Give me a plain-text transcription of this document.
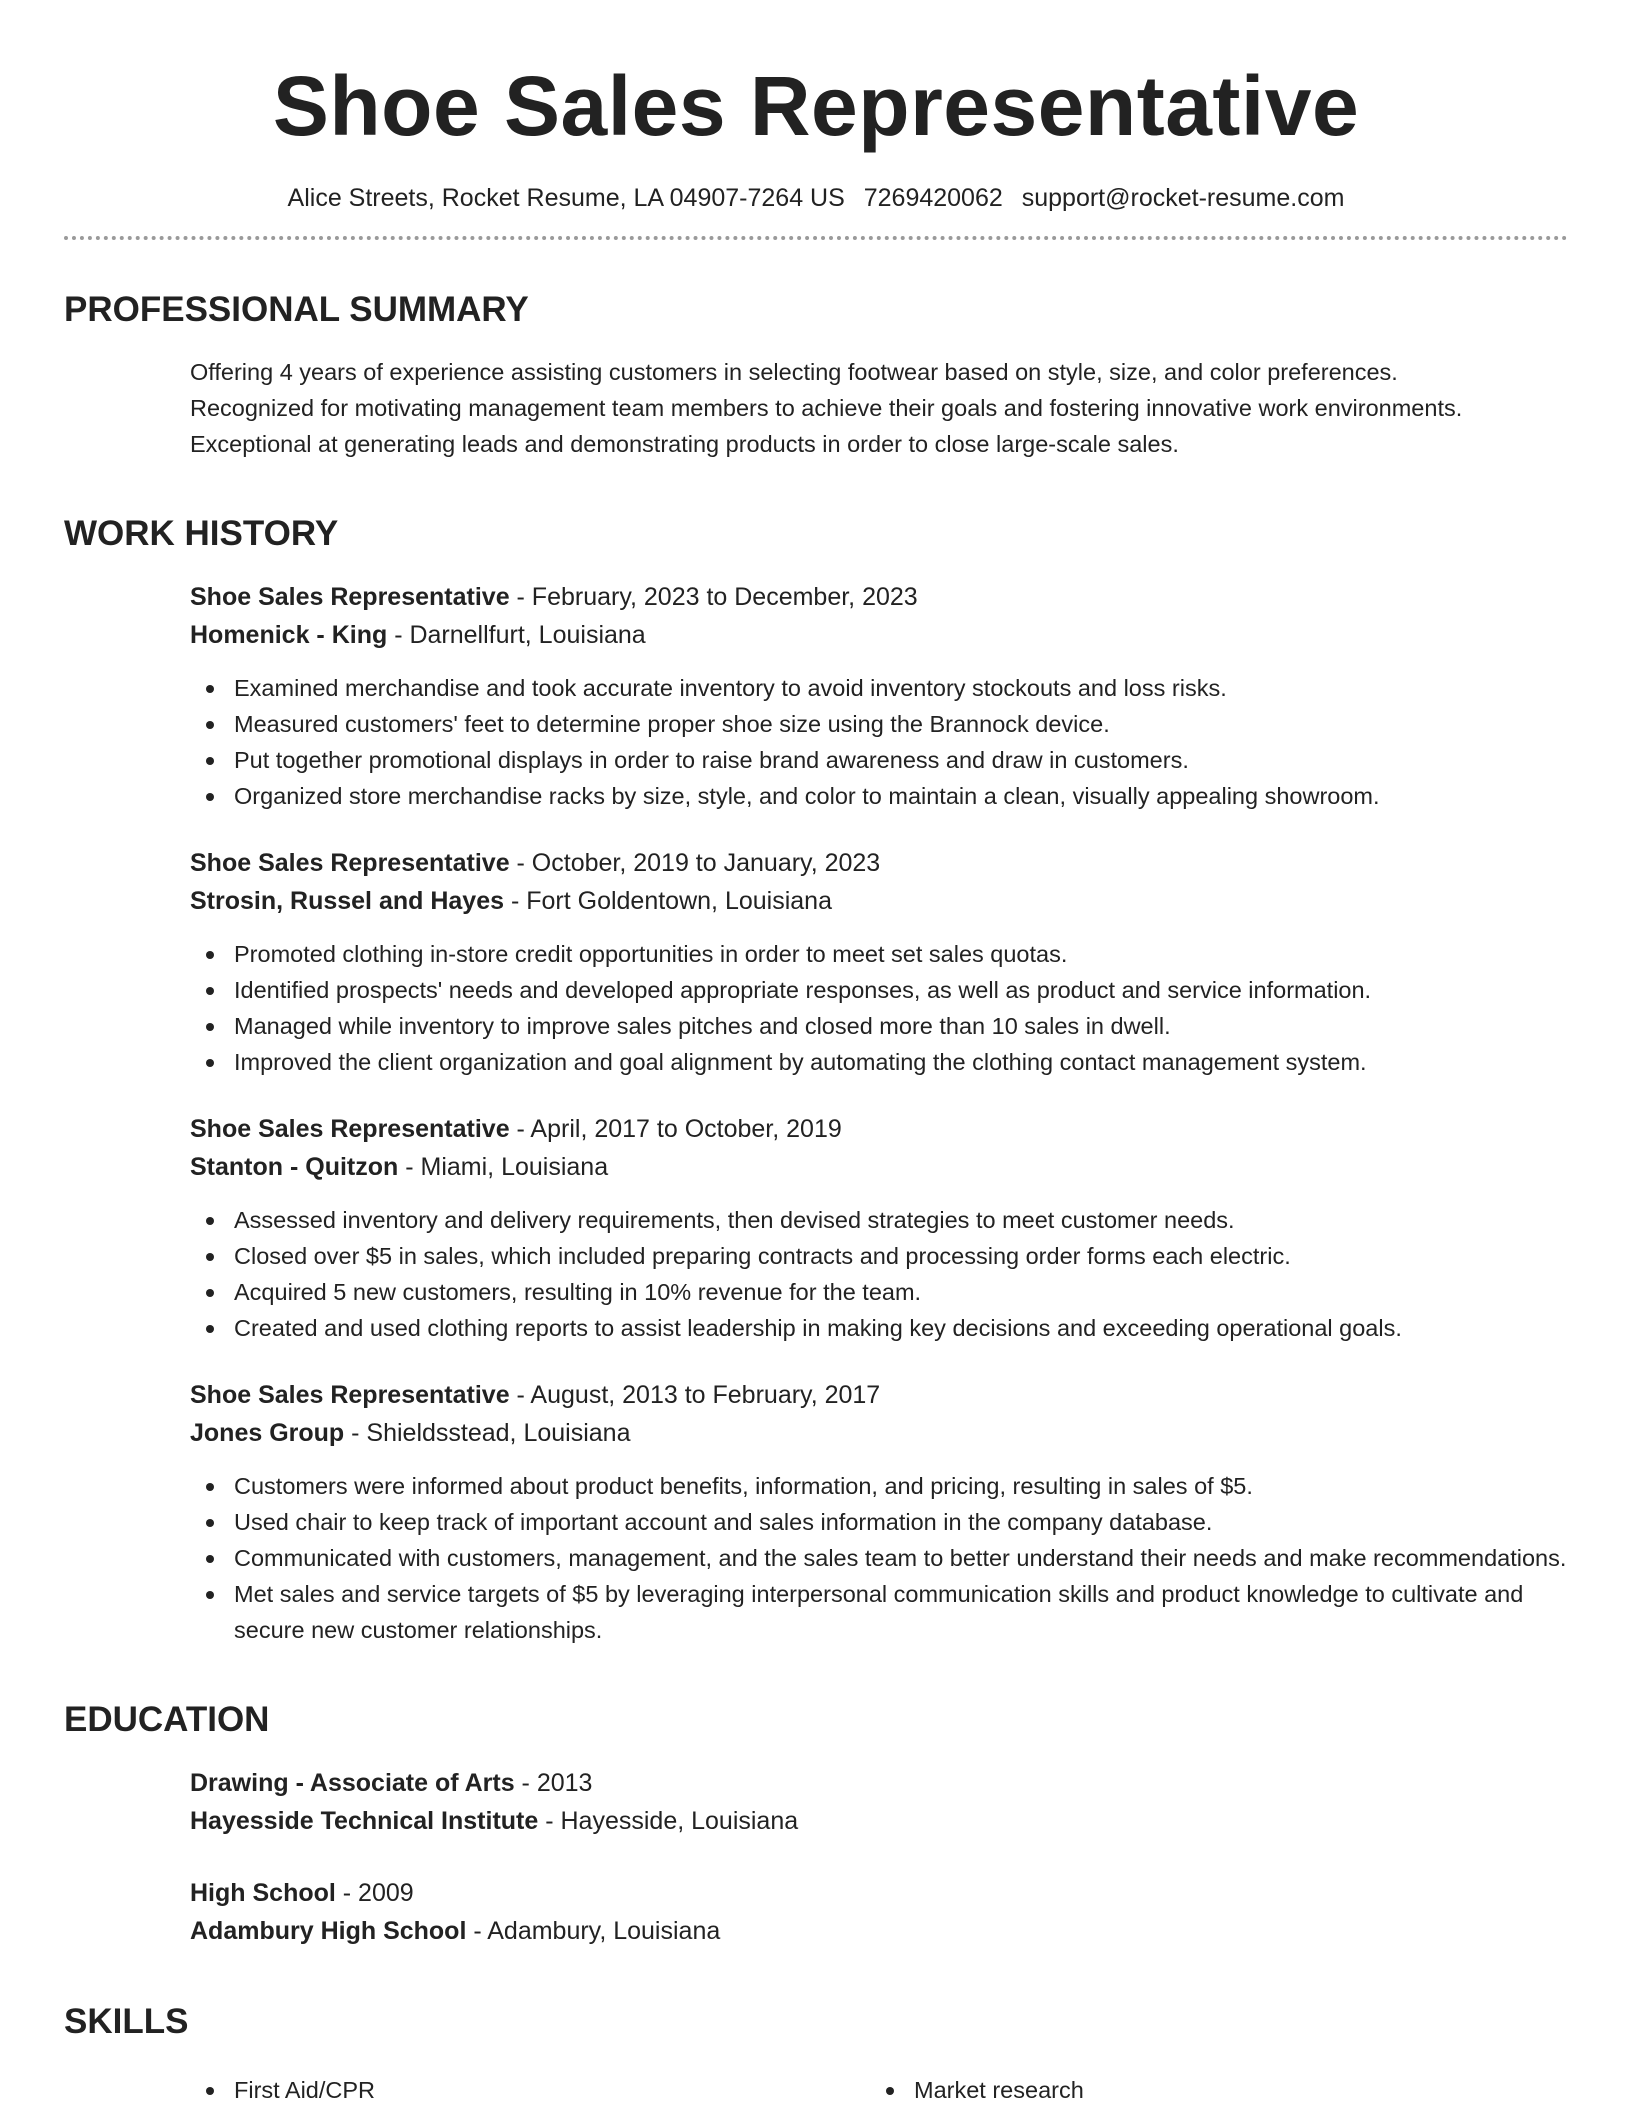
Shoe Sales Representative
Alice Streets, Rocket Resume, LA 04907-7264 US 7269420062 support@rocket-resume.com
PROFESSIONAL SUMMARY
Offering 4 years of experience assisting customers in selecting footwear based on style, size, and color preferences.
Recognized for motivating management team members to achieve their goals and fostering innovative work environments.
Exceptional at generating leads and demonstrating products in order to close large-scale sales.
WORK HISTORY
Shoe Sales Representative - February, 2023 to December, 2023
Homenick - King - Darnellfurt, Louisiana
Examined merchandise and took accurate inventory to avoid inventory stockouts and loss risks.
Measured customers' feet to determine proper shoe size using the Brannock device.
Put together promotional displays in order to raise brand awareness and draw in customers.
Organized store merchandise racks by size, style, and color to maintain a clean, visually appealing showroom.
Shoe Sales Representative - October, 2019 to January, 2023
Strosin, Russel and Hayes - Fort Goldentown, Louisiana
Promoted clothing in-store credit opportunities in order to meet set sales quotas.
Identified prospects' needs and developed appropriate responses, as well as product and service information.
Managed while inventory to improve sales pitches and closed more than 10 sales in dwell.
Improved the client organization and goal alignment by automating the clothing contact management system.
Shoe Sales Representative - April, 2017 to October, 2019
Stanton - Quitzon - Miami, Louisiana
Assessed inventory and delivery requirements, then devised strategies to meet customer needs.
Closed over $5 in sales, which included preparing contracts and processing order forms each electric.
Acquired 5 new customers, resulting in 10% revenue for the team.
Created and used clothing reports to assist leadership in making key decisions and exceeding operational goals.
Shoe Sales Representative - August, 2013 to February, 2017
Jones Group - Shieldsstead, Louisiana
Customers were informed about product benefits, information, and pricing, resulting in sales of $5.
Used chair to keep track of important account and sales information in the company database.
Communicated with customers, management, and the sales team to better understand their needs and make recommendations.
Met sales and service targets of $5 by leveraging interpersonal communication skills and product knowledge to cultivate and secure new customer relationships.
EDUCATION
Drawing - Associate of Arts - 2013
Hayesside Technical Institute - Hayesside, Louisiana
High School - 2009
Adambury High School - Adambury, Louisiana
SKILLS
First Aid/CPR	Market research
